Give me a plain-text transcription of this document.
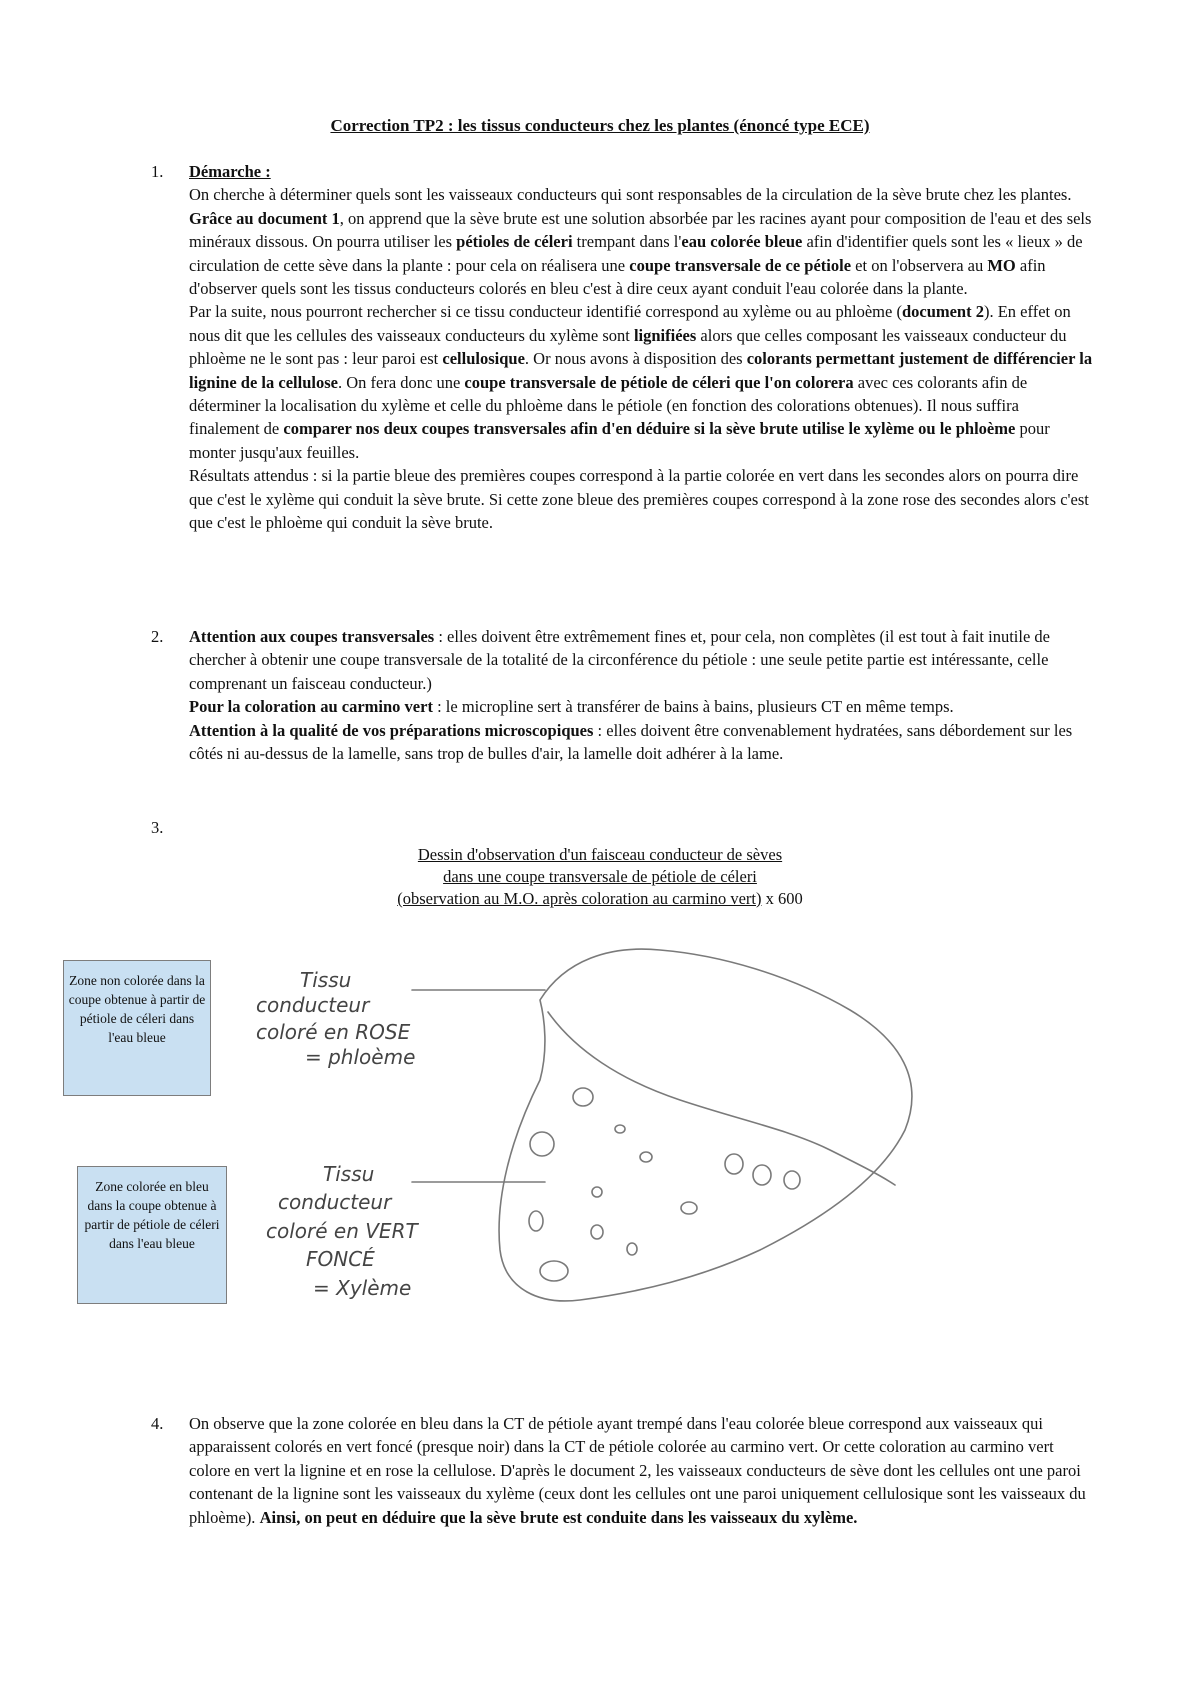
Correction TP2 : les tissus conducteurs chez les plantes (énoncé type ECE)
1.	Démarche :

On cherche à déterminer quels sont les vaisseaux conducteurs qui sont responsables de la circulation de la sève brute chez les plantes.

Grâce au document 1, on apprend que la sève brute est une solution absorbée par les racines ayant pour composition de l'eau et des sels minéraux dissous. On pourra utiliser les pétioles de céleri trempant dans l'eau colorée bleue afin d'identifier quels sont les « lieux » de circulation de cette sève dans la plante : pour cela on réalisera une coupe transversale de ce pétiole et on l'observera au MO afin d'observer quels sont les tissus conducteurs colorés en bleu c'est à dire ceux ayant conduit l'eau colorée dans la plante.

Par la suite, nous pourront rechercher si ce tissu conducteur identifié correspond au xylème ou au phloème (document 2). En effet on nous dit que les cellules des vaisseaux conducteurs du xylème sont lignifiées alors que celles composant les vaisseaux conducteur du phloème ne le sont pas : leur paroi est cellulosique. Or nous avons à disposition des colorants permettant justement de différencier la lignine de la cellulose. On fera donc une coupe transversale de pétiole de céleri que l'on colorera avec ces colorants afin de déterminer la localisation du xylème et celle du phloème dans le pétiole (en fonction des colorations obtenues). Il nous suffira finalement de comparer nos deux coupes transversales afin d'en déduire si la sève brute utilise le xylème ou le phloème pour monter jusqu'aux feuilles.

Résultats attendus : si la partie bleue des premières coupes correspond à la partie colorée en vert dans les secondes alors on pourra dire que c'est le xylème qui conduit la sève brute. Si cette zone bleue des premières coupes correspond à la zone rose des secondes alors c'est que c'est le phloème qui conduit la sève brute.

2.	Attention aux coupes transversales : elles doivent être extrêmement fines et, pour cela, non complètes (il est tout à fait inutile de chercher à obtenir une coupe transversale de la totalité de la circonférence du pétiole : une seule petite partie est intéressante, celle comprenant un faisceau conducteur.)

Pour la coloration au carmino vert : le micropline sert à transférer de bains à bains, plusieurs CT en même temps.

Attention à la qualité de vos préparations microscopiques : elles doivent être convenablement hydratées, sans débordement sur les côtés ni au-dessus de la lamelle, sans trop de bulles d'air, la lamelle doit adhérer à la lame.

3.
Dessin d'observation d'un faisceau conducteur de sèves
dans une coupe transversale de pétiole de céleri
(observation au M.O. après coloration au carmino vert) x 600
Zone non colorée dans la coupe obtenue à partir de pétiole de céleri dans l'eau bleue
Zone colorée en bleu dans la coupe obtenue à partir de pétiole de céleri dans l'eau bleue
Tissu
conducteur
coloré en ROSE
= phloème
Tissu
conducteur
coloré en VERT
FONCÉ
= Xylème
4.	On observe que la zone colorée en bleu dans la CT de pétiole ayant trempé dans l'eau colorée bleue correspond aux vaisseaux qui apparaissent colorés en vert foncé (presque noir) dans la CT de pétiole colorée au carmino vert. Or cette coloration au carmino vert colore en vert la lignine et en rose la cellulose. D'après le document 2, les vaisseaux conducteurs de sève dont les cellules ont une paroi contenant de la lignine sont les vaisseaux du xylème (ceux dont les cellules ont une paroi uniquement cellulosique sont les vaisseaux du phloème). Ainsi, on peut en déduire que la sève brute est conduite dans les vaisseaux du xylème.
